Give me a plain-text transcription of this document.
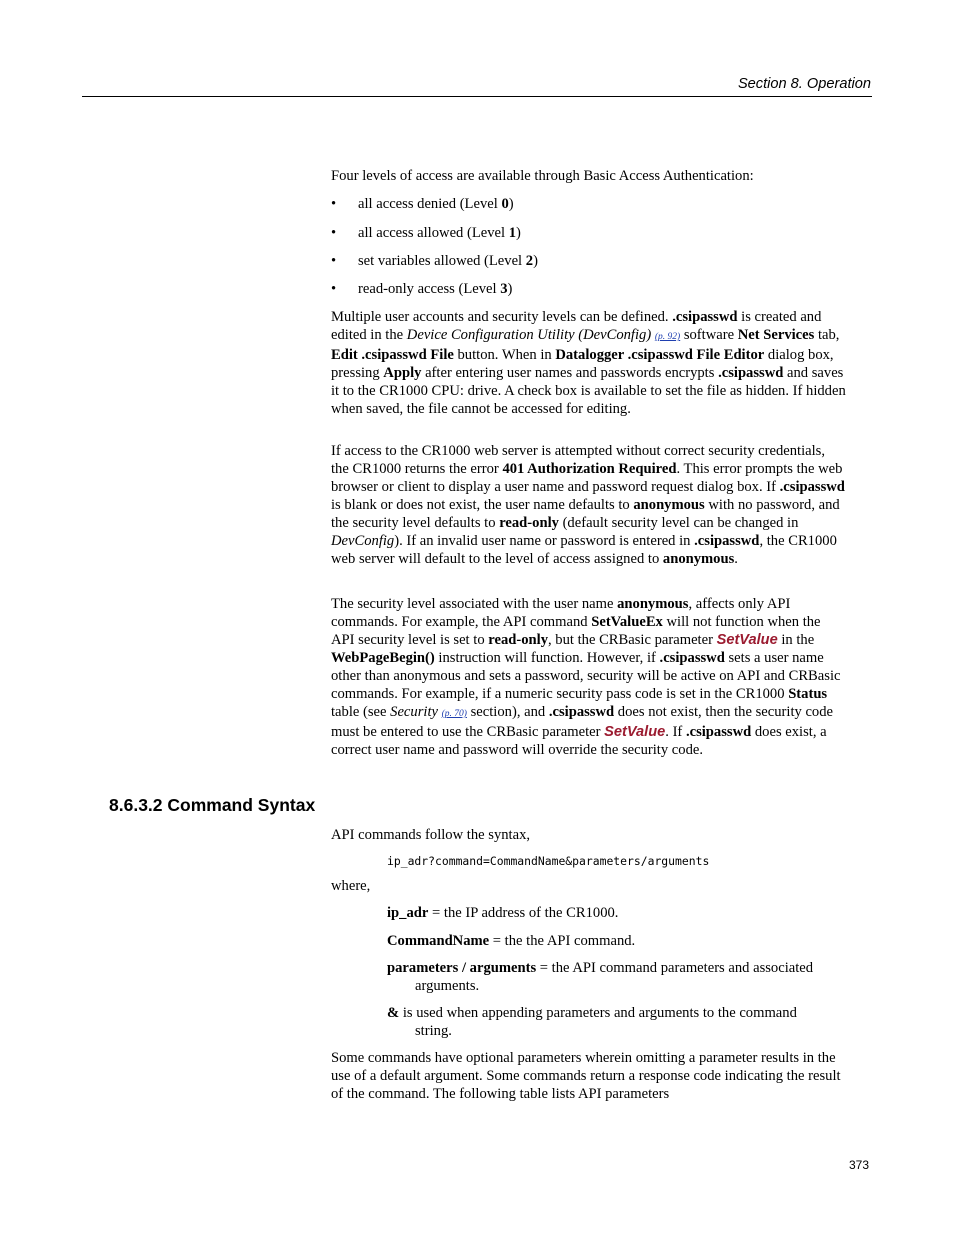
Section 8. Operation

Four levels of access are available through Basic Access Authentication:

• all access denied (Level 0)
• all access allowed (Level 1)
• set variables allowed (Level 2)
• read-only access (Level 3)

Multiple user accounts and security levels can be defined. .csipasswd is created and edited in the Device Configuration Utility (DevConfig) (p. 92) software Net Services tab, Edit .csipasswd File button. When in Datalogger .csipasswd File Editor dialog box, pressing Apply after entering user names and passwords encrypts .csipasswd and saves it to the CR1000 CPU: drive. A check box is available to set the file as hidden. If hidden when saved, the file cannot be accessed for editing.

If access to the CR1000 web server is attempted without correct security credentials, the CR1000 returns the error 401 Authorization Required. This error prompts the web browser or client to display a user name and password request dialog box. If .csipasswd is blank or does not exist, the user name defaults to anonymous with no password, and the security level defaults to read-only (default security level can be changed in DevConfig). If an invalid user name or password is entered in .csipasswd, the CR1000 web server will default to the level of access assigned to anonymous.

The security level associated with the user name anonymous, affects only API commands. For example, the API command SetValueEx will not function when the API security level is set to read-only, but the CRBasic parameter SetValue in the WebPageBegin() instruction will function. However, if .csipasswd sets a user name other than anonymous and sets a password, security will be active on API and CRBasic commands. For example, if a numeric security pass code is set in the CR1000 Status table (see Security (p. 70) section), and .csipasswd does not exist, then the security code must be entered to use the CRBasic parameter SetValue. If .csipasswd does exist, a correct user name and password will override the security code.

8.6.3.2 Command Syntax
API commands follow the syntax,
ip_adr?command=CommandName&parameters/arguments
where,
ip_adr = the IP address of the CR1000.
CommandName = the the API command.
parameters / arguments = the API command parameters and associated
arguments.
& is used when appending parameters and arguments to the command
string.
Some commands have optional parameters wherein omitting a parameter results in the use of a default argument. Some commands return a response code indicating the result of the command. The following table lists API parameters
373
